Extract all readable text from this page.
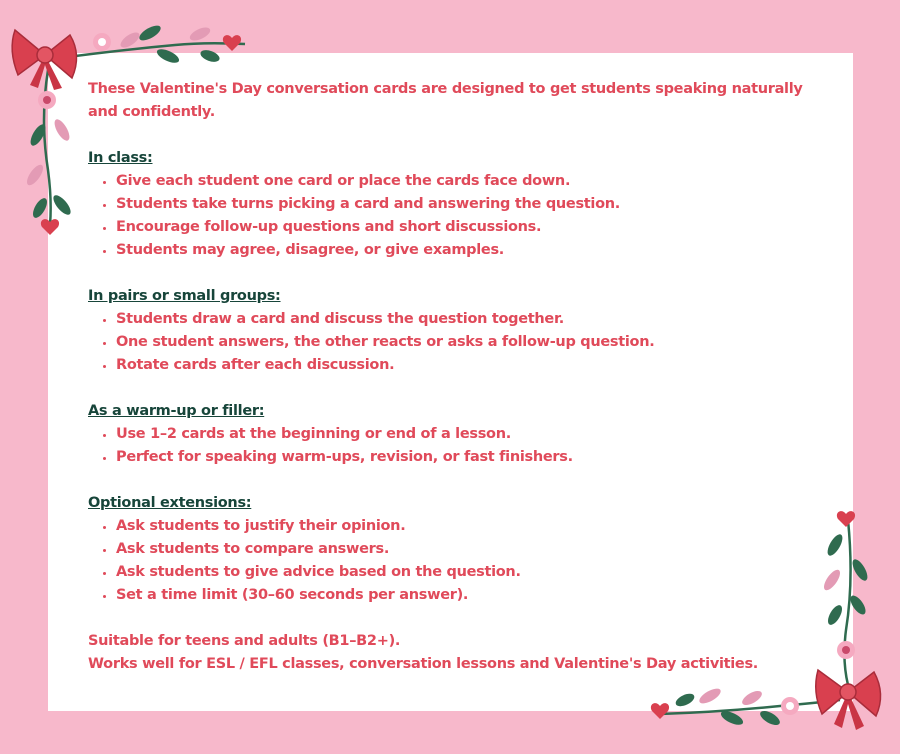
These Valentine's Day conversation cards are designed to get students speaking naturally and confidently.

In class:

• Give each student one card or place the cards face down.
• Students take turns picking a card and answering the question.
• Encourage follow-up questions and short discussions.
• Students may agree, disagree, or give examples.

In pairs or small groups:

• Students draw a card and discuss the question together.
• One student answers, the other reacts or asks a follow-up question.
• Rotate cards after each discussion.

As a warm-up or filler:

• Use 1–2 cards at the beginning or end of a lesson.
• Perfect for speaking warm-ups, revision, or fast finishers.

Optional extensions:

• Ask students to justify their opinion.
• Ask students to compare answers.
• Ask students to give advice based on the question.
• Set a time limit (30–60 seconds per answer).

Suitable for teens and adults (B1–B2+).

Works well for ESL / EFL classes, conversation lessons and Valentine's Day activities.
